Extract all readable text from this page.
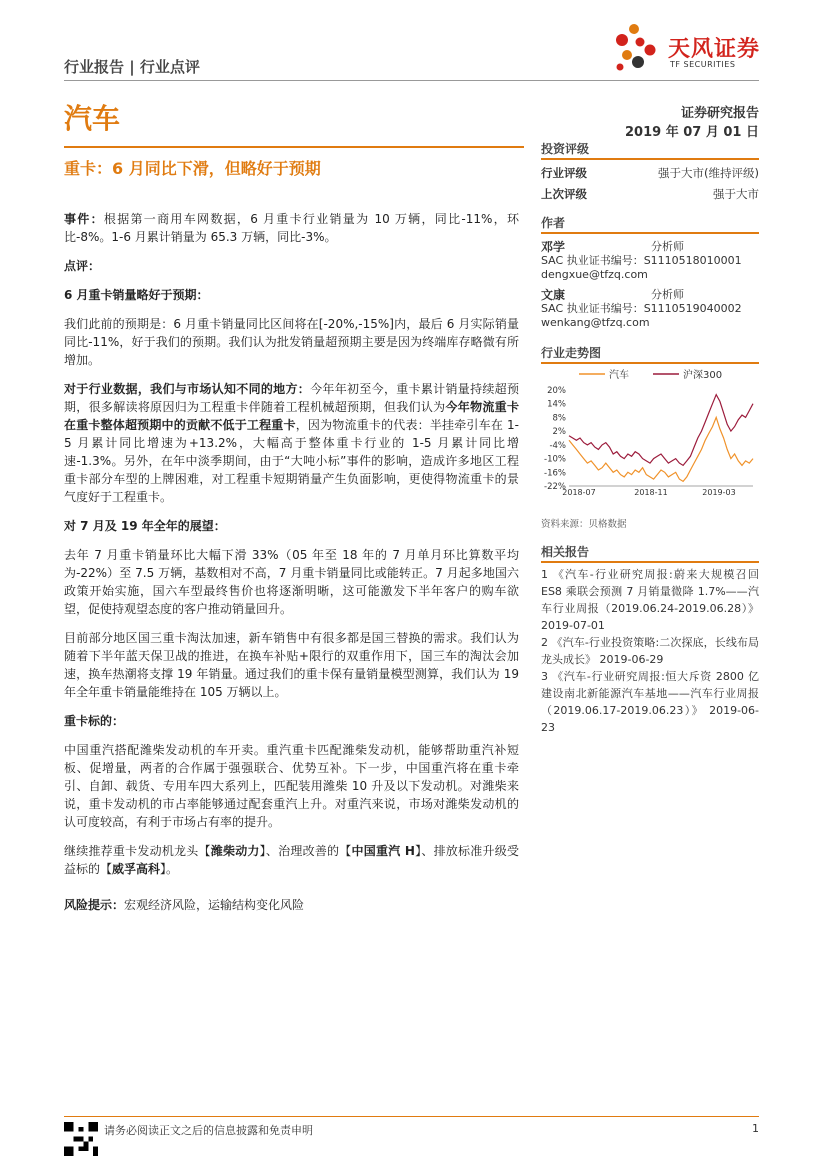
行业报告 | 行业点评
天风证券
TF SECURITIES
汽车	证券研究报告
2019 年 07 月 01 日
重卡：6 月同比下滑，但略好于预期

事件：根据第一商用车网数据，6 月重卡行业销量为 10 万辆，同比-11%，环比-8%。1-6 月累计销量为 65.3 万辆，同比-3%。

点评：

6 月重卡销量略好于预期：

我们此前的预期是：6 月重卡销量同比区间将在[-20%,-15%]内，最后 6 月实际销量同比-11%，好于我们的预期。我们认为批发销量超预期主要是因为终端库存略微有所增加。

对于行业数据，我们与市场认知不同的地方：今年年初至今，重卡累计销量持续超预期，很多解读将原因归为工程重卡伴随着工程机械超预期，但我们认为今年物流重卡在重卡整体超预期中的贡献不低于工程重卡，因为物流重卡的代表：半挂牵引车在 1-5 月累计同比增速为+13.2%，大幅高于整体重卡行业的 1-5 月累计同比增速-1.3%。另外，在年中淡季期间，由于“大吨小标”事件的影响，造成许多地区工程重卡部分车型的上牌困难，对工程重卡短期销量产生负面影响，更使得物流重卡的景气度好于工程重卡。

对 7 月及 19 年全年的展望：

去年 7 月重卡销量环比大幅下滑 33%（05 年至 18 年的 7 月单月环比算数平均为-22%）至 7.5 万辆，基数相对不高，7 月重卡销量同比或能转正。7 月起多地国六政策开始实施，国六车型最终售价也将逐渐明晰，这可能激发下半年客户的购车欲望，促使持观望态度的客户推动销量回升。

目前部分地区国三重卡淘汰加速，新车销售中有很多都是国三替换的需求。我们认为随着下半年蓝天保卫战的推进，在换车补贴+限行的双重作用下，国三车的淘汰会加速，换车热潮将支撑 19 年销量。通过我们的重卡保有量销量模型测算，我们认为 19 年全年重卡销量能维持在 105 万辆以上。

重卡标的：

中国重汽搭配潍柴发动机的车开卖。重汽重卡匹配潍柴发动机，能够帮助重汽补短板、促增量，两者的合作属于强强联合、优势互补。下一步，中国重汽将在重卡牵引、自卸、载货、专用车四大系列上，匹配装用潍柴 10 升及以下发动机。对潍柴来说，重卡发动机的市占率能够通过配套重汽上升。对重汽来说，市场对潍柴发动机的认可度较高，有利于市场占有率的提升。

继续推荐重卡发动机龙头【潍柴动力】、治理改善的【中国重汽 H】、排放标准升级受益标的【威孚高科】。

风险提示：宏观经济风险，运输结构变化风险

投资评级
行业评级	强于大市(维持评级)
上次评级	强于大市
作者
邓学	分析师
SAC 执业证书编号：S1110518010001
dengxue@tfzq.com
文康	分析师
SAC 执业证书编号：S1110519040002
wenkang@tfzq.com
行业走势图
汽车	沪深300
20%
14%
8%
2%
-4%
-10%
-16%
-22%
2018-07	2018-11	2019-03
资料来源：贝格数据
相关报告
1 《汽车-行业研究周报:蔚来大规模召回 ES8 乘联会预测 7 月销量微降 1.7%——汽车行业周报（2019.06.24-2019.06.28）》 2019-07-01
2 《汽车-行业投资策略:二次探底，长线布局龙头成长》 2019-06-29
3 《汽车-行业研究周报:恒大斥资 2800 亿建设南北新能源汽车基地——汽车行业周报（2019.06.17-2019.06.23）》 2019-06-23
请务必阅读正文之后的信息披露和免责申明	1
